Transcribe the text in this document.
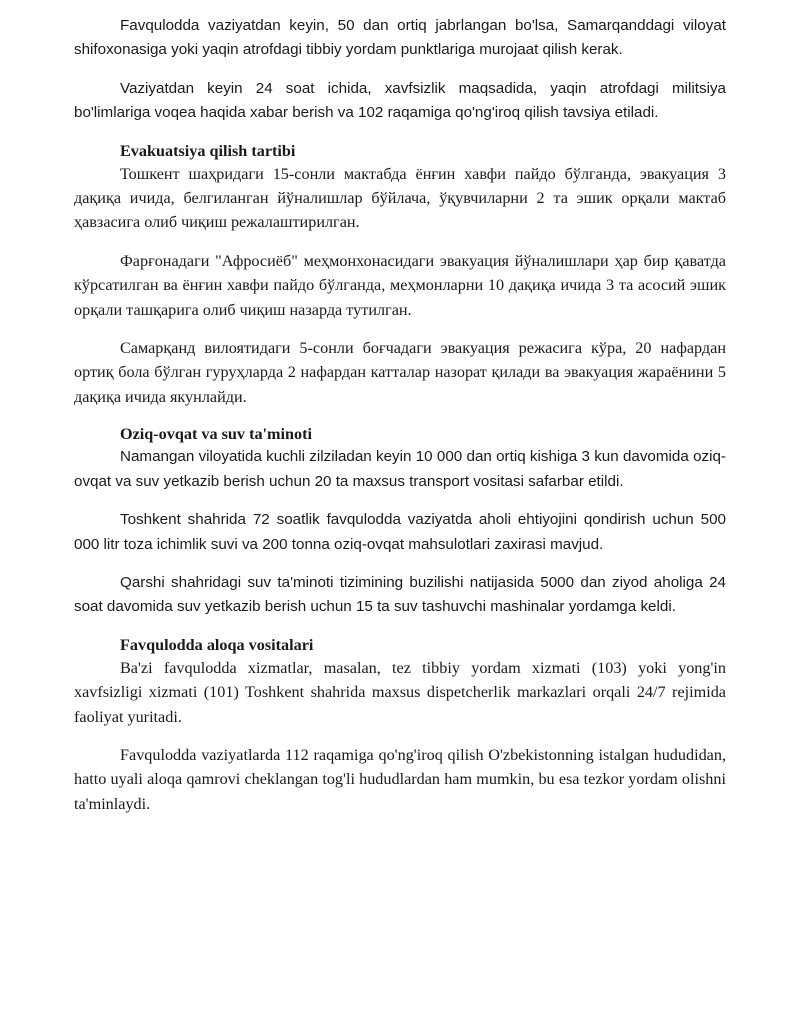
Favqulodda vaziyatdan keyin, 50 dan ortiq jabrlangan bo'lsa, Samarqanddagi viloyat shifoxonasiga yoki yaqin atrofdagi tibbiy yordam punktlariga murojaat qilish kerak.

Vaziyatdan keyin 24 soat ichida, xavfsizlik maqsadida, yaqin atrofdagi militsiya bo'limlariga voqea haqida xabar berish va 102 raqamiga qo'ng'iroq qilish tavsiya etiladi.

Evakuatsiya qilish tartibi

Тошкент шаҳридаги 15-сонли мактабда ёнғин хавфи пайдо бўлганда, эвакуация 3 дақиқа ичида, белгиланган йўналишлар бўйлача, ўқувчиларни 2 та эшик орқали мактаб ҳавзасига олиб чиқиш режалаштирилган.

Фарғонадаги "Афросиёб" меҳмонхонасидаги эвакуация йўналишлари ҳар бир қаватда кўрсатилган ва ёнғин хавфи пайдо бўлганда, меҳмонларни 10 дақиқа ичида 3 та асосий эшик орқали ташқарига олиб чиқиш назарда тутилган.

Самарқанд вилоятидаги 5-сонли боғчадаги эвакуация режасига кўра, 20 нафардан ортиқ бола бўлган гуруҳларда 2 нафардан катталар назорат қилади ва эвакуация жараёнини 5 дақиқа ичида якунлайди.

Oziq-ovqat va suv ta'minoti

Namangan viloyatida kuchli zilziladan keyin 10 000 dan ortiq kishiga 3 kun davomida oziq-ovqat va suv yetkazib berish uchun 20 ta maxsus transport vositasi safarbar etildi.

Toshkent shahrida 72 soatlik favqulodda vaziyatda aholi ehtiyojini qondirish uchun 500 000 litr toza ichimlik suvi va 200 tonna oziq-ovqat mahsulotlari zaxirasi mavjud.

Qarshi shahridagi suv ta'minoti tizimining buzilishi natijasida 5000 dan ziyod aholiga 24 soat davomida suv yetkazib berish uchun 15 ta suv tashuvchi mashinalar yordamga keldi.

Favqulodda aloqa vositalari

Ba'zi favqulodda xizmatlar, masalan, tez tibbiy yordam xizmati (103) yoki yong'in xavfsizligi xizmati (101) Toshkent shahrida maxsus dispetcherlik markazlari orqali 24/7 rejimida faoliyat yuritadi.

Favqulodda vaziyatlarda 112 raqamiga qo'ng'iroq qilish O'zbekistonning istalgan hududidan, hatto uyali aloqa qamrovi cheklangan tog'li hududlardan ham mumkin, bu esa tezkor yordam olishni ta'minlaydi.
